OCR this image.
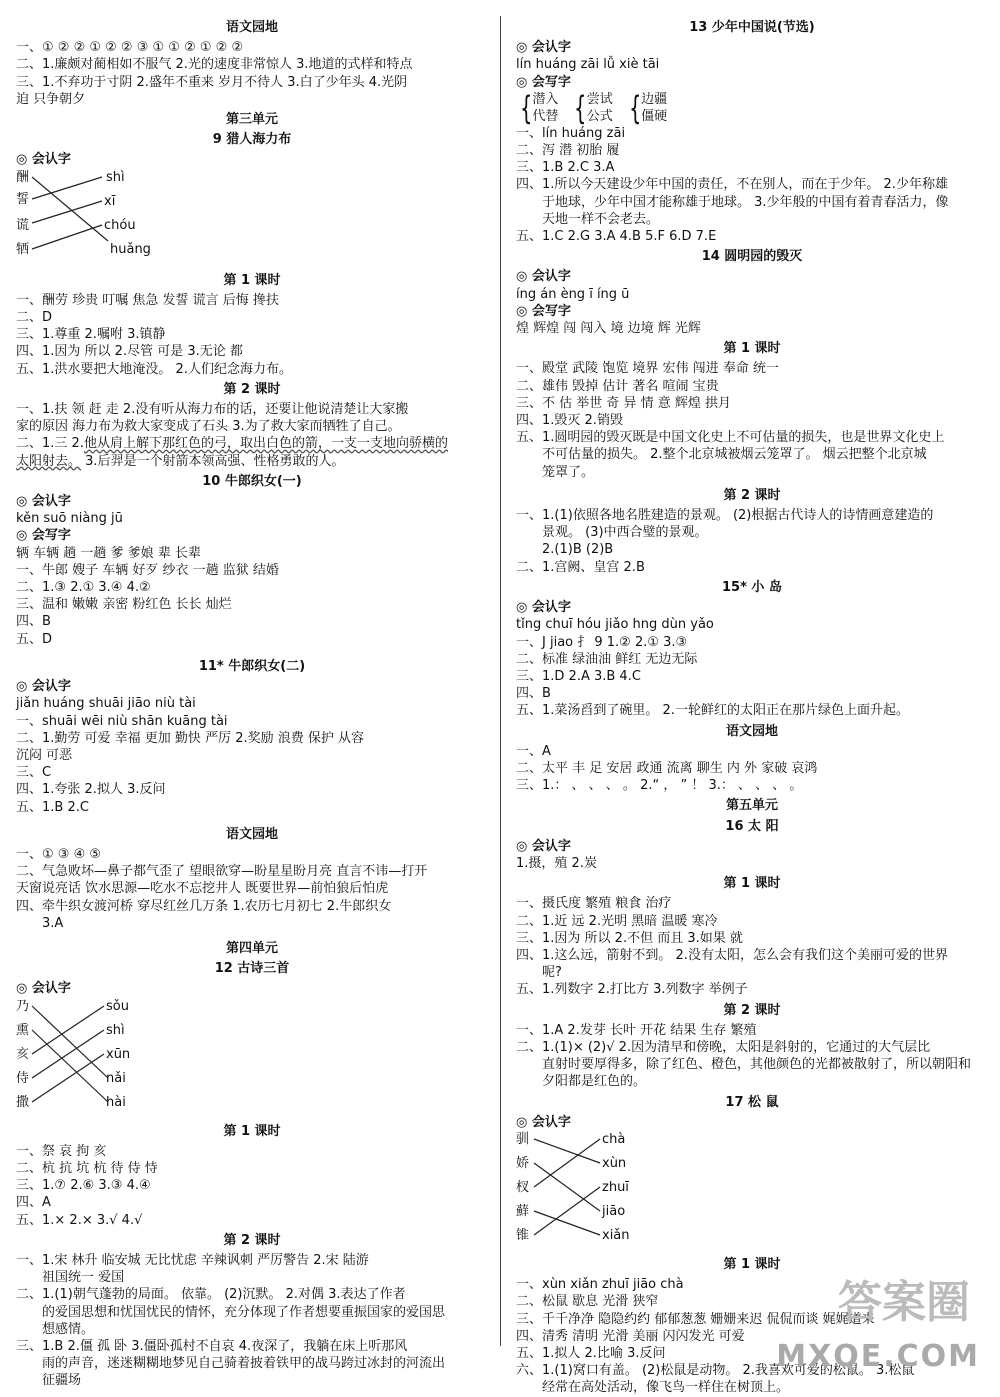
语文园地
一、① ② ② ① ② ② ③ ① ① ② ① ② ②
二、1.廉颇对蔺相如不服气 2.光的速度非常惊人 3.地道的式样和特点
三、1.不弃功于寸阴 2.盛年不重来 岁月不待人 3.白了少年头 4.光阴
迫 只争朝夕
第三单元
9 猎人海力布
◎ 会认字
酬
誓
谎
牺
shì
xī
chóu
huǎng
第 1 课时
一、酬劳 珍贵 叮嘱 焦急 发誓 谎言 后悔 搀扶
二、D
三、1.尊重 2.嘱咐 3.镇静
四、1.因为 所以 2.尽管 可是 3.无论 都
五、1.洪水要把大地淹没。 2.人们纪念海力布。
第 2 课时
一、1.扶 领 赶 走 2.没有听从海力布的话，还要让他说清楚让大家搬
家的原因 海力布为救大家变成了石头 3.为了救大家而牺牲了自己。
二、1.三 2.他从肩上解下那红色的弓，取出白色的箭，一支一支地向骄横的
太阳射去。 3.后羿是一个射箭本领高强、性格勇敢的人。
10 牛郎织女(一)
◎ 会认字
kěn suō niàng jū
◎ 会写字
辆 车辆 趟 一趟 爹 爹娘 辈 长辈
一、牛郎 嫂子 车辆 好歹 纱衣 一趟 监狱 结婚
二、1.③ 2.① 3.④ 4.②
三、温和 嫩嫩 亲密 粉红色 长长 灿烂
四、B
五、D
11* 牛郎织女(二)
◎ 会认字
jiǎn huáng shuāi jiāo niù tài
一、shuāi wēi niù shān kuāng tài
二、1.勤劳 可爱 幸福 更加 勤快 严厉 2.奖励 浪费 保护 从容
沉闷 可恶
三、C
四、1.夸张 2.拟人 3.反问
五、1.B 2.C
语文园地
一、① ③ ④ ⑤
二、气急败坏—鼻子都气歪了 望眼欲穿—盼星星盼月亮 直言不讳—打开
天窗说亮话 饮水思源—吃水不忘挖井人 既要世界—前怕狼后怕虎
四、牵牛织女渡河桥 穿尽红丝几万条 1.农历七月初七 2.牛郎织女
3.A
第四单元
12 古诗三首
◎ 会认字
乃
熏
亥
侍
撒
sǒu
shì
xūn
nǎi
hài
第 1 课时
一、祭 哀 拘 亥
二、杭 抗 坑 杭 待 侍 恃
三、1.⑦ 2.⑥ 3.③ 4.④
四、A
五、1.× 2.× 3.√ 4.√
第 2 课时
一、1.宋 林升 临安城 无比忧虑 辛辣讽刺 严厉警告 2.宋 陆游
祖国统一 爱国
二、1.(1)朝气蓬勃的局面。 依靠。 (2)沉默。 2.对偶 3.表达了作者
的爱国思想和忧国忧民的情怀，充分体现了作者想要重振国家的爱国思
想感情。
三、1.B 2.僵 孤 卧 3.僵卧孤村不自哀 4.夜深了，我躺在床上听那风
雨的声音，迷迷糊糊地梦见自己骑着披着铁甲的战马跨过冰封的河流出
征疆场
13 少年中国说(节选)
◎ 会认字
lín huáng zāi lǚ xiè tāi
◎ 会写字
{ 潜入
代替 { 尝试
公式 { 边疆
僵硬
一、lín huáng zāi
二、泻 潜 初胎 履
三、1.B 2.C 3.A
四、1.所以今天建设少年中国的责任，不在别人，而在于少年。 2.少年称雄
于地球，少年中国才能称雄于地球。 3.少年般的中国有着青春活力，像
天地一样不会老去。
五、1.C 2.G 3.A 4.B 5.F 6.D 7.E
14 圆明园的毁灭
◎ 会认字
íng án èng ī íng ū
◎ 会写字
煌 辉煌 闯 闯入 境 边境 辉 光辉
第 1 课时
一、殿堂 武陵 饱览 境界 宏伟 闯进 奉命 统一
二、雄伟 毁掉 估计 著名 喧闹 宝贵
三、不 估 举世 奇 异 情 意 辉煌 拱月
四、1.毁灭 2.销毁
五、1.圆明园的毁灭既是中国文化史上不可估量的损失，也是世界文化史上
不可估量的损失。 2.整个北京城被烟云笼罩了。 烟云把整个北京城
笼罩了。
第 2 课时
一、1.(1)依照各地名胜建造的景观。 (2)根据古代诗人的诗情画意建造的
景观。 (3)中西合璧的景观。
2.(1)B (2)B
二、1.宫阙、皇宫 2.B
15* 小 岛
◎ 会认字
tǐng chuī hóu jiǎo hng dùn yǎo
一、J jiao 扌 9 1.② 2.① 3.③
二、标准 绿油油 鲜红 无边无际
三、1.D 2.A 3.B 4.C
四、B
五、1.菜汤舀到了碗里。 2.一轮鲜红的太阳正在那片绿色上面升起。
语文园地
一、A
二、太平 丰 足 安居 政通 流离 聊生 内 外 家破 哀鸿
三、1.： 、 、 、 。 2.“ ， ” ！ 3.： 、 、 、 。
第五单元
16 太 阳
◎ 会认字
1.摄，殖 2.炭
第 1 课时
一、摄氏度 繁殖 粮食 治疗
二、1.近 远 2.光明 黑暗 温暖 寒冷
三、1.因为 所以 2.不但 而且 3.如果 就
四、1.这么远，箭射不到。 2.没有太阳，怎么会有我们这个美丽可爱的世界
呢?
五、1.列数字 2.打比方 3.列数字 举例子
第 2 课时
一、1.A 2.发芽 长叶 开花 结果 生存 繁殖
二、1.(1)× (2)√ 2.因为清早和傍晚，太阳是斜射的，它通过的大气层比
直射时要厚得多，除了红色、橙色，其他颜色的光都被散射了，所以朝阳和
夕阳都是红色的。
17 松 鼠
◎ 会认字
驯
娇
杈
蘚
锥
chà
xùn
zhuī
jiāo
xiǎn
第 1 课时
一、xùn xiǎn zhuī jiāo chà
二、松鼠 歇息 光滑 狭窄
三、千千净净 隐隐约约 郁郁葱葱 姗姗来迟 侃侃而谈 娓娓道来
四、清秀 清明 光滑 美丽 闪闪发光 可爱
五、1.拟人 2.比喻 3.反问
六、1.(1)窝口有盖。 (2)松鼠是动物。 2.我喜欢可爱的松鼠。 3.松鼠
经常在高处活动，像飞鸟一样住在树顶上。
答案圈
MXQE.COM
